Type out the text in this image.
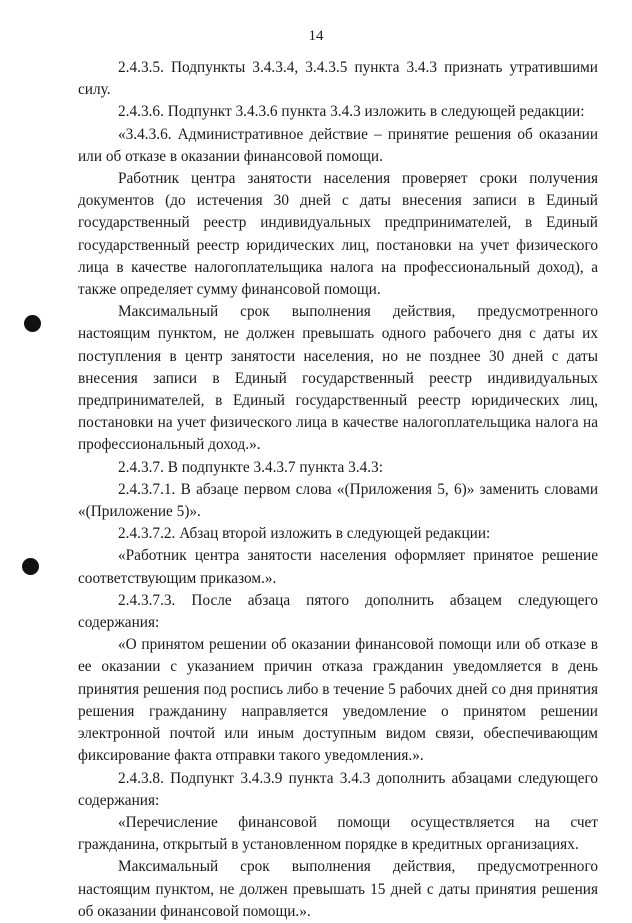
14

2.4.3.5. Подпункты 3.4.3.4, 3.4.3.5 пункта 3.4.3 признать утратившими силу.

2.4.3.6. Подпункт 3.4.3.6 пункта 3.4.3 изложить в следующей редакции:

«3.4.3.6. Административное действие – принятие решения об оказании или об отказе в оказании финансовой помощи.

Работник центра занятости населения проверяет сроки получения документов (до истечения 30 дней с даты внесения записи в Единый государственный реестр индивидуальных предпринимателей, в Единый государственный реестр юридических лиц, постановки на учет физического лица в качестве налогоплательщика налога на профессиональный доход), а также определяет сумму финансовой помощи.

Максимальный срок выполнения действия, предусмотренного настоящим пунктом, не должен превышать одного рабочего дня с даты их поступления в центр занятости населения, но не позднее 30 дней с даты внесения записи в Единый государственный реестр индивидуальных предпринимателей, в Единый государственный реестр юридических лиц, постановки на учет физического лица в качестве налогоплательщика налога на профессиональный доход.».

2.4.3.7. В подпункте 3.4.3.7 пункта 3.4.3:

2.4.3.7.1. В абзаце первом слова «(Приложения 5, 6)» заменить словами «(Приложение 5)».

2.4.3.7.2. Абзац второй изложить в следующей редакции:

«Работник центра занятости населения оформляет принятое решение соответствующим приказом.».

2.4.3.7.3. После абзаца пятого дополнить абзацем следующего содержания:

«О принятом решении об оказании финансовой помощи или об отказе в ее оказании с указанием причин отказа гражданин уведомляется в день принятия решения под роспись либо в течение 5 рабочих дней со дня принятия решения гражданину направляется уведомление о принятом решении электронной почтой или иным доступным видом связи, обеспечивающим фиксирование факта отправки такого уведомления.».

2.4.3.8. Подпункт 3.4.3.9 пункта 3.4.3 дополнить абзацами следующего содержания:

«Перечисление финансовой помощи осуществляется на счет гражданина, открытый в установленном порядке в кредитных организациях.

Максимальный срок выполнения действия, предусмотренного настоящим пунктом, не должен превышать 15 дней с даты принятия решения об оказании финансовой помощи.».
